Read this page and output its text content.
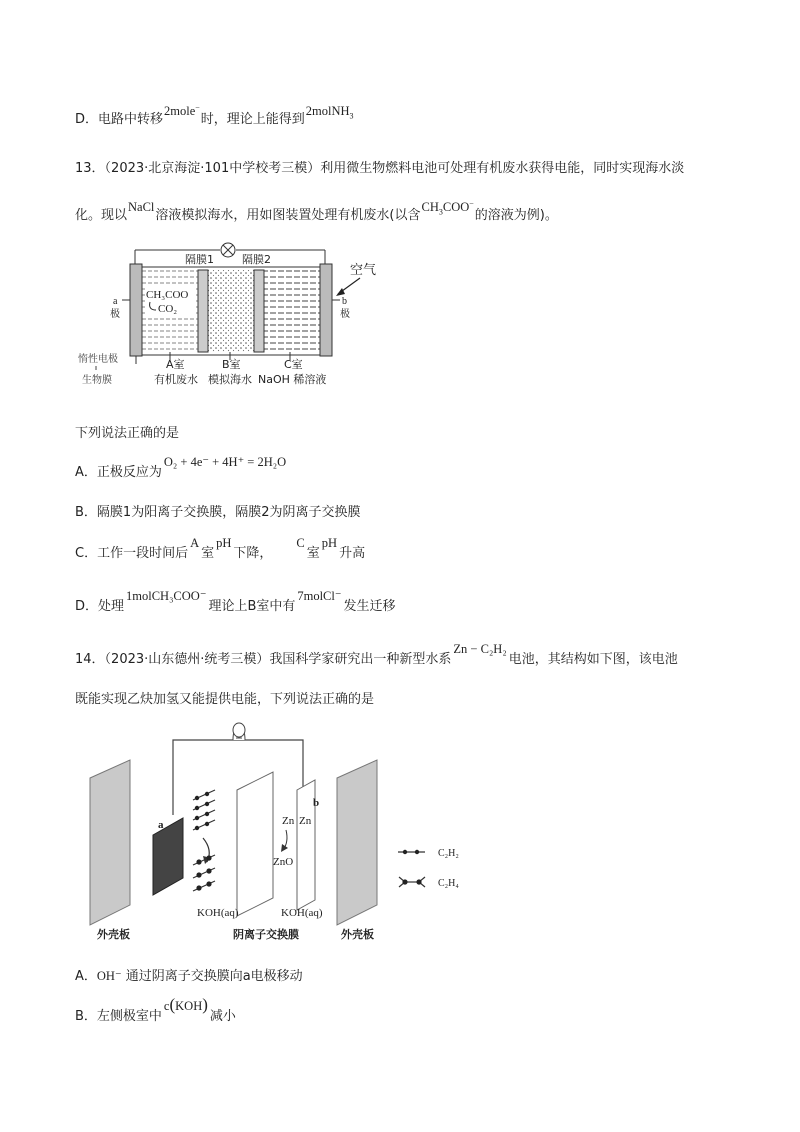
D．电路中转移2mole−时，理论上能得到2molNH$_3$
13．（2023·北京海淀·101中学校考三模）利用微生物燃料电池可处理有机废水获得电能，同时实现海水淡
化。现以NaCl溶液模拟海水，用如图装置处理有机废水(以含$CH_3COO^-$的溶液为例)。
隔膜1	隔膜2
空气
a
极
b
极
CH₃COO
CO₂
惰性电极
生物膜
A室	B室	C室
有机废水 模拟海水 NaOH 稀溶液
下列说法正确的是
A．正极反应为O₂ + 4e⁻ + 4H⁺ = 2H₂O
B．隔膜1为阳离子交换膜，隔膜2为阴离子交换膜
C．工作一段时间后A室pH下降，C室pH升高
D．处理1molCH₃COO⁻理论上B室中有7molCl⁻发生迁移
14．（2023·山东德州·统考三模）我国科学家研究出一种新型水系Zn − C₂H₂电池，其结构如下图，该电池
既能实现乙炔加氢又能提供电能，下列说法正确的是
a
b
Zn Zn
ZnO
KOH(aq)	KOH(aq)
外壳板	阴离子交换膜	外壳板
C₂H₂
C₂H₄
A．OH⁻ 通过阴离子交换膜向a电极移动
B．左侧极室中c(KOH)减小
